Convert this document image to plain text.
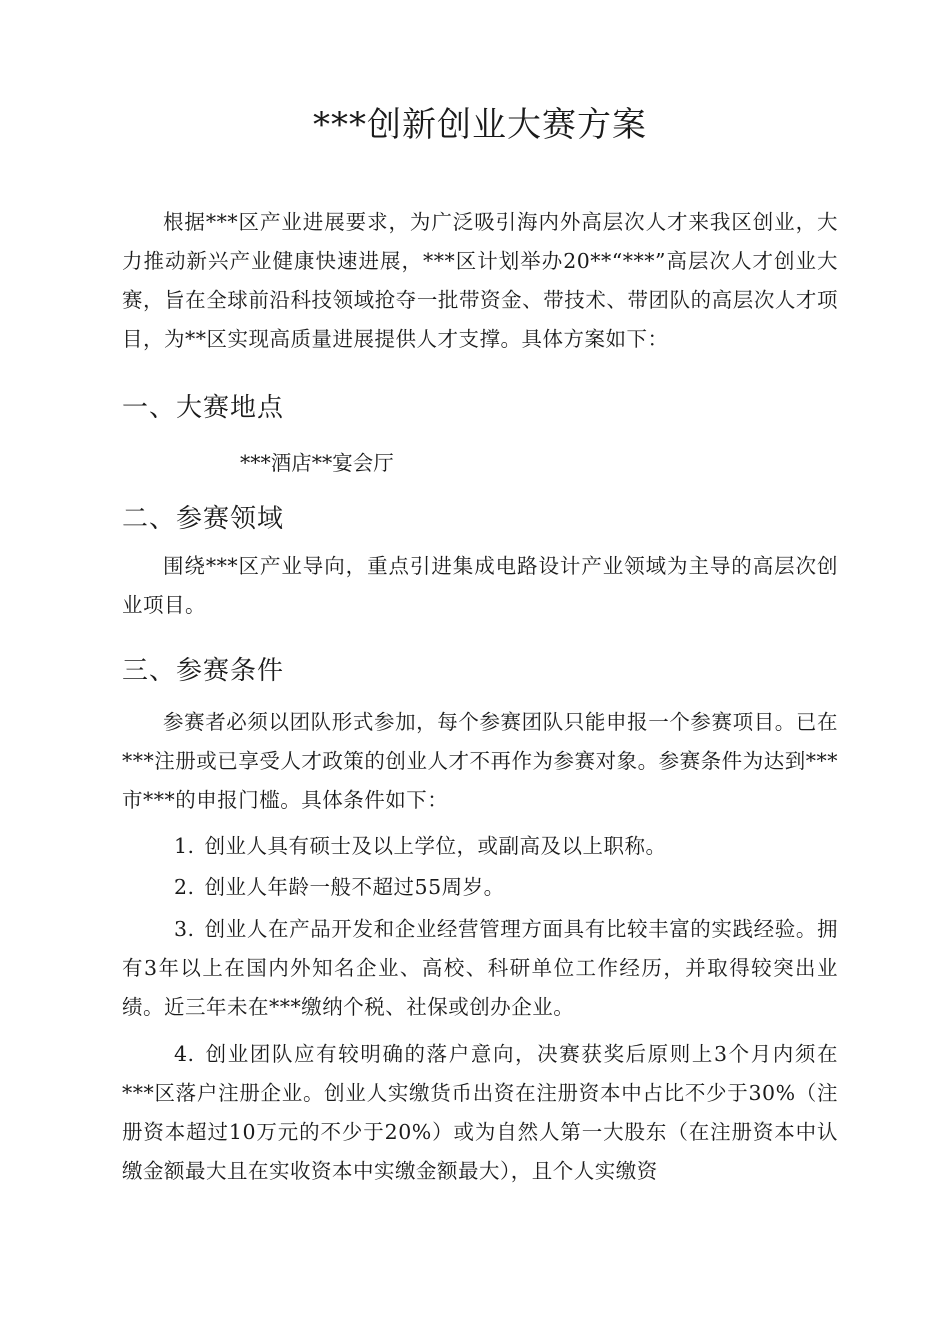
***创新创业大赛方案
根据***区产业进展要求，为广泛吸引海内外高层次人才来我区创业，大力推动新兴产业健康快速进展，***区计划举办20**“***”高层次人才创业大赛，旨在全球前沿科技领域抢夺一批带资金、带技术、带团队的高层次人才项目，为**区实现高质量进展提供人才支撑。具体方案如下：
一、大赛地点
***酒店**宴会厅
二、参赛领域
围绕***区产业导向，重点引进集成电路设计产业领域为主导的高层次创业项目。
三、参赛条件
参赛者必须以团队形式参加，每个参赛团队只能申报一个参赛项目。已在***注册或已享受人才政策的创业人才不再作为参赛对象。参赛条件为达到***市***的申报门槛。具体条件如下：
1. 创业人具有硕士及以上学位，或副高及以上职称。
2. 创业人年龄一般不超过55周岁。
3. 创业人在产品开发和企业经营管理方面具有比较丰富的实践经验。拥有3年以上在国内外知名企业、高校、科研单位工作经历，并取得较突出业绩。近三年未在***缴纳个税、社保或创办企业。
4. 创业团队应有较明确的落户意向，决赛获奖后原则上3个月内须在***区落户注册企业。创业人实缴货币出资在注册资本中占比不少于30%（注册资本超过10万元的不少于20%）或为自然人第一大股东（在注册资本中认缴金额最大且在实收资本中实缴金额最大），且个人实缴资
